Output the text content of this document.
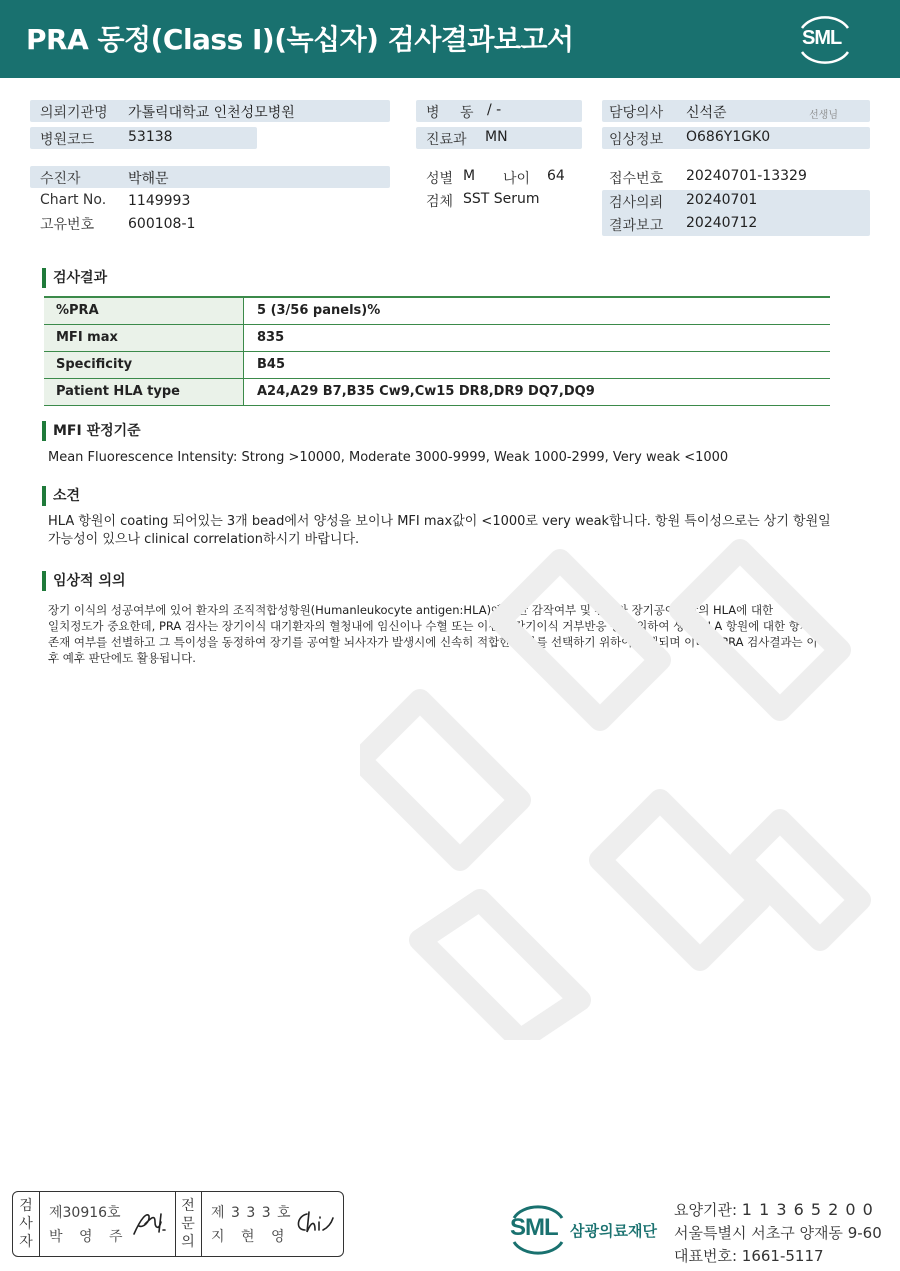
PRA 동정(Class I)(녹십자) 검사결과보고서	SML
의뢰기관명 가톨릭대학교 인천성모병원
병원코드 53138
병 동 / -
진료과 MN
담당의사 신석준	선생님
임상정보 O686Y1GK0
수진자	박해문
Chart No. 1149993
고유번호 600108-1
성별 M 나이 64
검체 SST Serum
접수번호 20240701-13329
검사의뢰 20240701
결과보고 20240712
검사결과
%PRA	5 (3/56 panels)%
MFI max	835
Specificity	B45
Patient HLA type	A24,A29 B7,B35 Cw9,Cw15 DR8,DR9 DQ7,DQ9
MFI 판정기준
Mean Fluorescence Intensity: Strong >10000, Moderate 3000-9999, Weak 1000-2999, Very weak <1000
소견
HLA 항원이 coating 되어있는 3개 bead에서 양성을 보이나 MFI max값이 <1000로 very weak합니다. 항원 특이성으로는 상기 항원일
가능성이 있으나 clinical correlation하시기 바랍니다.
임상적 의의
장기 이식의 성공여부에 있어 환자의 조직적합성항원(Humanleukocyte antigen:HLA)에 대한 감작여부 및 환자와 장기공여자간의 HLA에 대한
일치정도가 중요한데, PRA 검사는 장기이식 대기환자의 혈청내에 임신이나 수혈 또는 이전의 장기이식 거부반응 등에 의하여 생긴 HLA 항원에 대한 항체
존재 여부를 선별하고 그 특이성을 동정하여 장기를 공여할 뇌사자가 발생시에 신속히 적합한 환자를 선택하기 위하여 시행되며 이러한 PRA 검사결과는 이식
후 예후 판단에도 활용됩니다.
검
사
자
제30916호
박 영 주
전
문
의
제 3 3 3 호
지 현 영	SML 삼광의료재단
요양기관: 1 1 3 6 5 2 0 0
서울특별시 서초구 양재동 9-60
대표번호: 1661-5117
